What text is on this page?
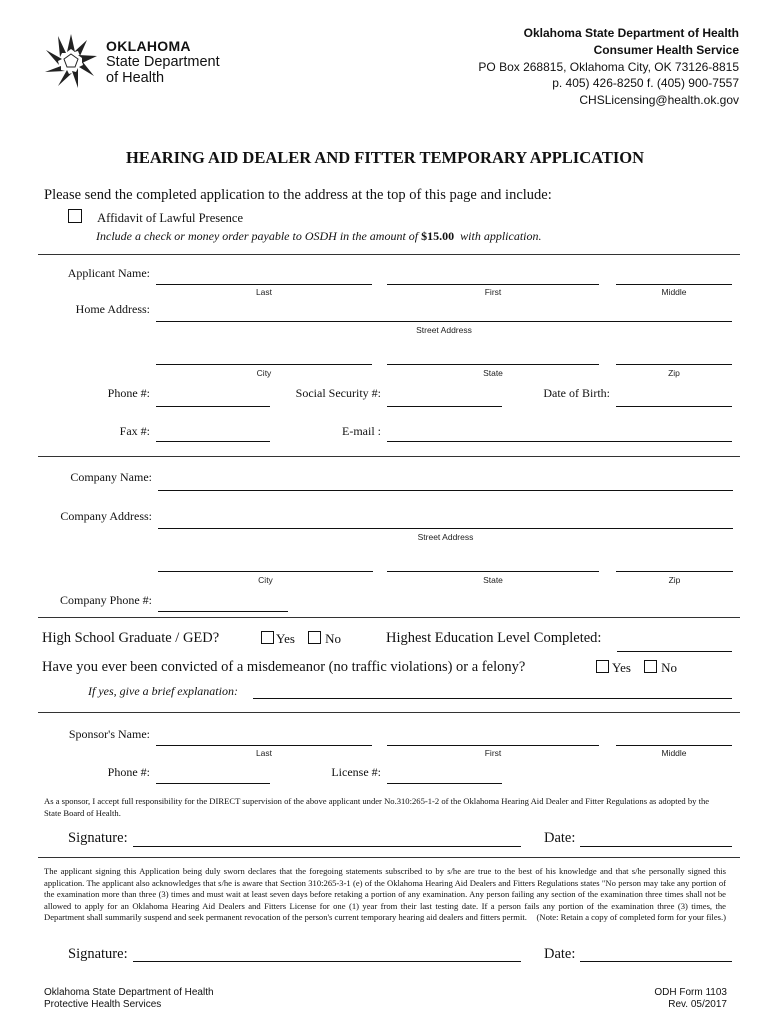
OKLAHOMA
State Department
of Health
Oklahoma State Department of Health
Consumer Health Service
PO Box 268815, Oklahoma City, OK 73126-8815
p. 405) 426-8250 f. (405) 900-7557
CHSLicensing@health.ok.gov
HEARING AID DEALER AND FITTER TEMPORARY APPLICATION
Please send the completed application to the address at the top of this page and include:
Affidavit of Lawful Presence
Include a check or money order payable to OSDH in the amount of $15.00 with application.
Applicant Name:
Last	First	Middle
Home Address:
Street Address
City	State	Zip
Phone #:	Social Security #:	Date of Birth:
Fax #:	E-mail :
Company Name:
Company Address:
Street Address
City	State	Zip
Company Phone #:
High School Graduate / GED?	Yes No	Highest Education Level Completed:
Have you ever been convicted of a misdemeanor (no traffic violations) or a felony?	Yes No
If yes, give a brief explanation:
Sponsor's Name:
Last	First	Middle
Phone #:	License #:
As a sponsor, I accept full responsibility for the DIRECT supervision of the above applicant under No.310:265-1-2 of the Oklahoma Hearing Aid Dealer and Fitter Regulations as adopted by the State Board of Health.
Signature:	Date:
The applicant signing this Application being duly sworn declares that the foregoing statements subscribed to by s/he are true to the best of his knowledge and that s/he personally signed this application. The applicant also acknowledges that s/he is aware that Section 310:265-3-1 (e) of the Oklahoma Hearing Aid Dealers and Fitters Regulations states "No person may take any portion of the examination more than three (3) times and must wait at least seven days before retaking a portion of any examination. Any person failing any section of the examination three times shall not be allowed to apply for an Oklahoma Hearing Aid Dealers and Fitters License for one (1) year from their last testing date. If a person fails any portion of the examination three (3) times, the Department shall summarily suspend and seek permanent revocation of the person's current temporary hearing aid dealers and fitters permit. (Note: Retain a copy of completed form for your files.)
Signature:	Date:
Oklahoma State Department of Health
Protective Health Services
ODH Form 1103
Rev. 05/2017
